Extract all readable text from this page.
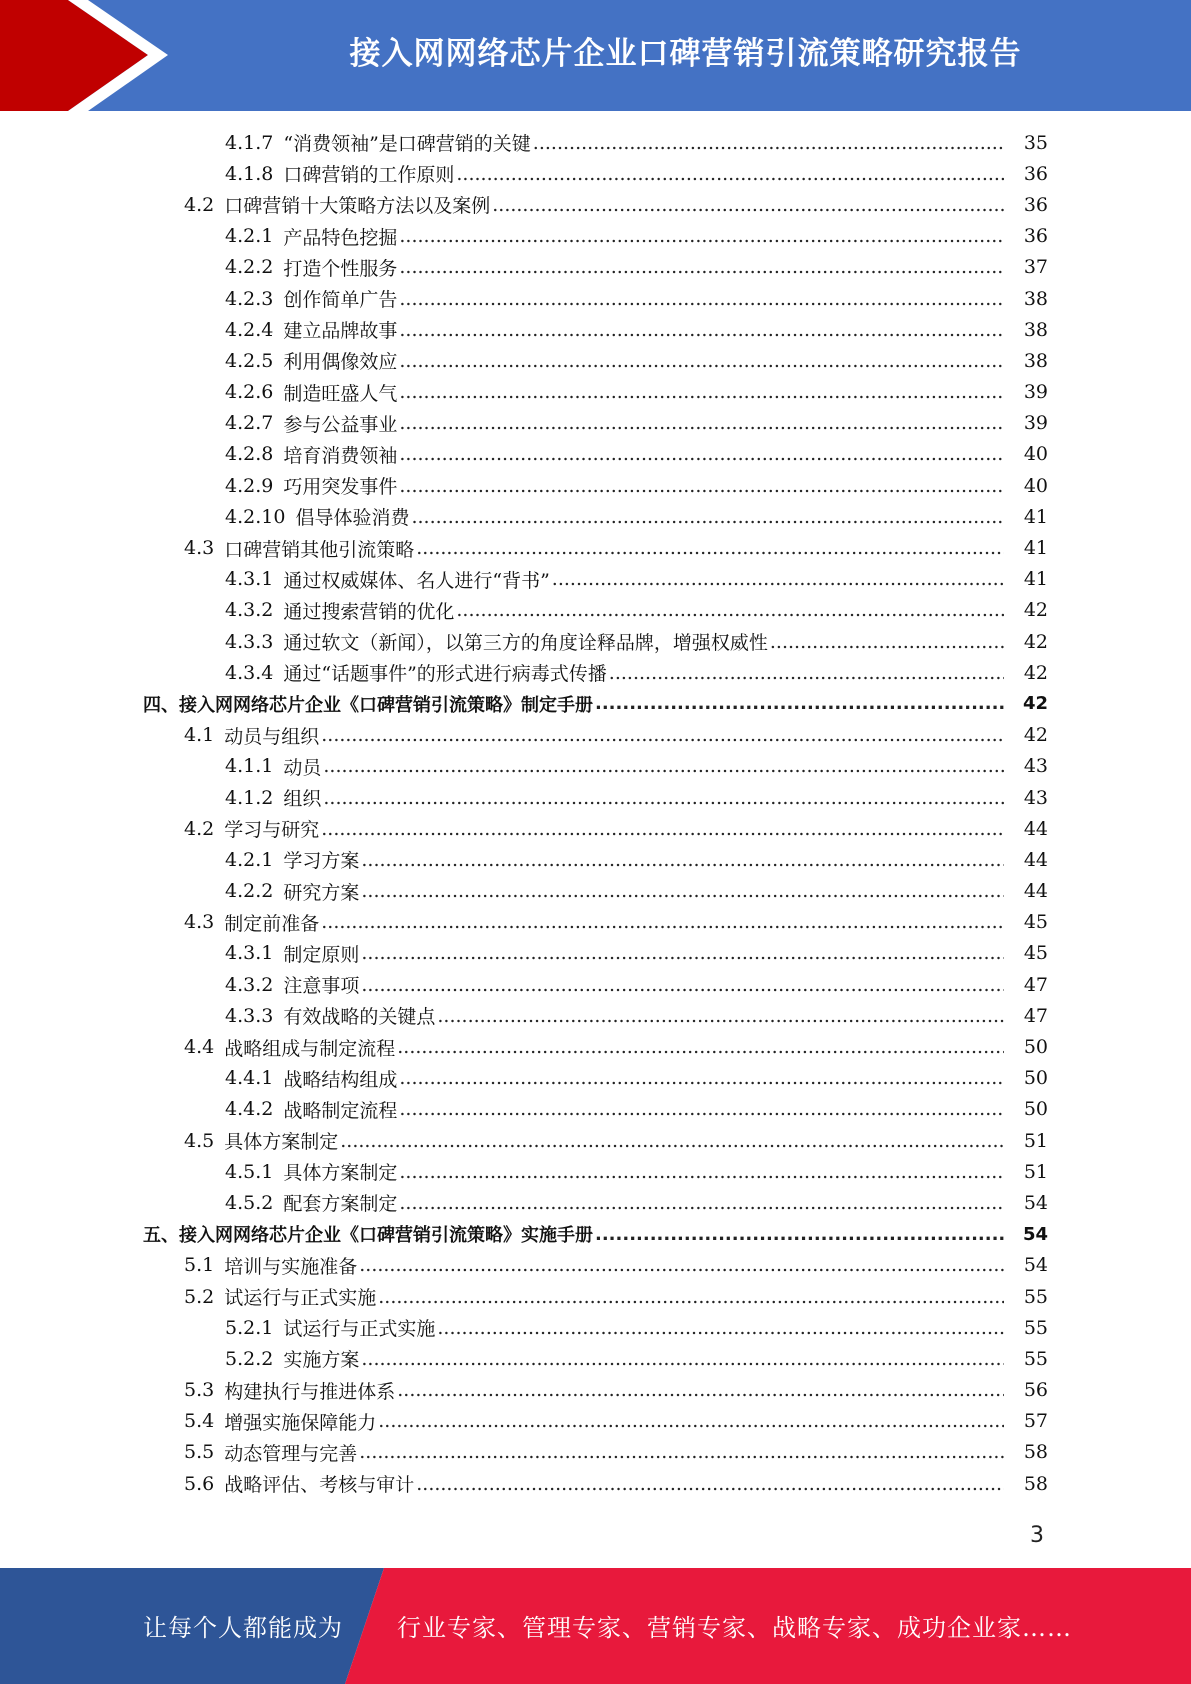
接入网网络芯片企业口碑营销引流策略研究报告
4.1.7 “消费领袖”是口碑营销的关键 .....	35
4.1.8 口碑营销的工作原则 .....	36
4.2 口碑营销十大策略方法以及案例 .....	36
4.2.1 产品特色挖掘 .....	36
4.2.2 打造个性服务 .....	37
4.2.3 创作简单广告 .....	38
4.2.4 建立品牌故事 .....	38
4.2.5 利用偶像效应 .....	38
4.2.6 制造旺盛人气 .....	39
4.2.7 参与公益事业 .....	39
4.2.8 培育消费领袖 .....	40
4.2.9 巧用突发事件 .....	40
4.2.10 倡导体验消费 .....	41
4.3 口碑营销其他引流策略 .....	41
4.3.1 通过权威媒体、名人进行“背书” .....	41
4.3.2 通过搜索营销的优化 .....	42
4.3.3 通过软文（新闻），以第三方的角度诠释品牌，增强权威性 .....	42
4.3.4 通过“话题事件”的形式进行病毒式传播 .....	42
四、接入网网络芯片企业《口碑营销引流策略》制定手册 .....	42
4.1 动员与组织 .....	42
4.1.1 动员 .....	43
4.1.2 组织 .....	43
4.2 学习与研究 .....	44
4.2.1 学习方案 .....	44
4.2.2 研究方案 .....	44
4.3 制定前准备 .....	45
4.3.1 制定原则 .....	45
4.3.2 注意事项 .....	47
4.3.3 有效战略的关键点 .....	47
4.4 战略组成与制定流程 .....	50
4.4.1 战略结构组成 .....	50
4.4.2 战略制定流程 .....	50
4.5 具体方案制定 .....	51
4.5.1 具体方案制定 .....	51
4.5.2 配套方案制定 .....	54
五、接入网网络芯片企业《口碑营销引流策略》实施手册 .....	54
5.1 培训与实施准备 .....	54
5.2 试运行与正式实施 .....	55
5.2.1 试运行与正式实施 .....	55
5.2.2 实施方案 .....	55
5.3 构建执行与推进体系 .....	56
5.4 增强实施保障能力 .....	57
5.5 动态管理与完善 .....	58
5.6 战略评估、考核与审计 .....	58
3
让每个人都能成为 行业专家、管理专家、营销专家、战略专家、成功企业家……
